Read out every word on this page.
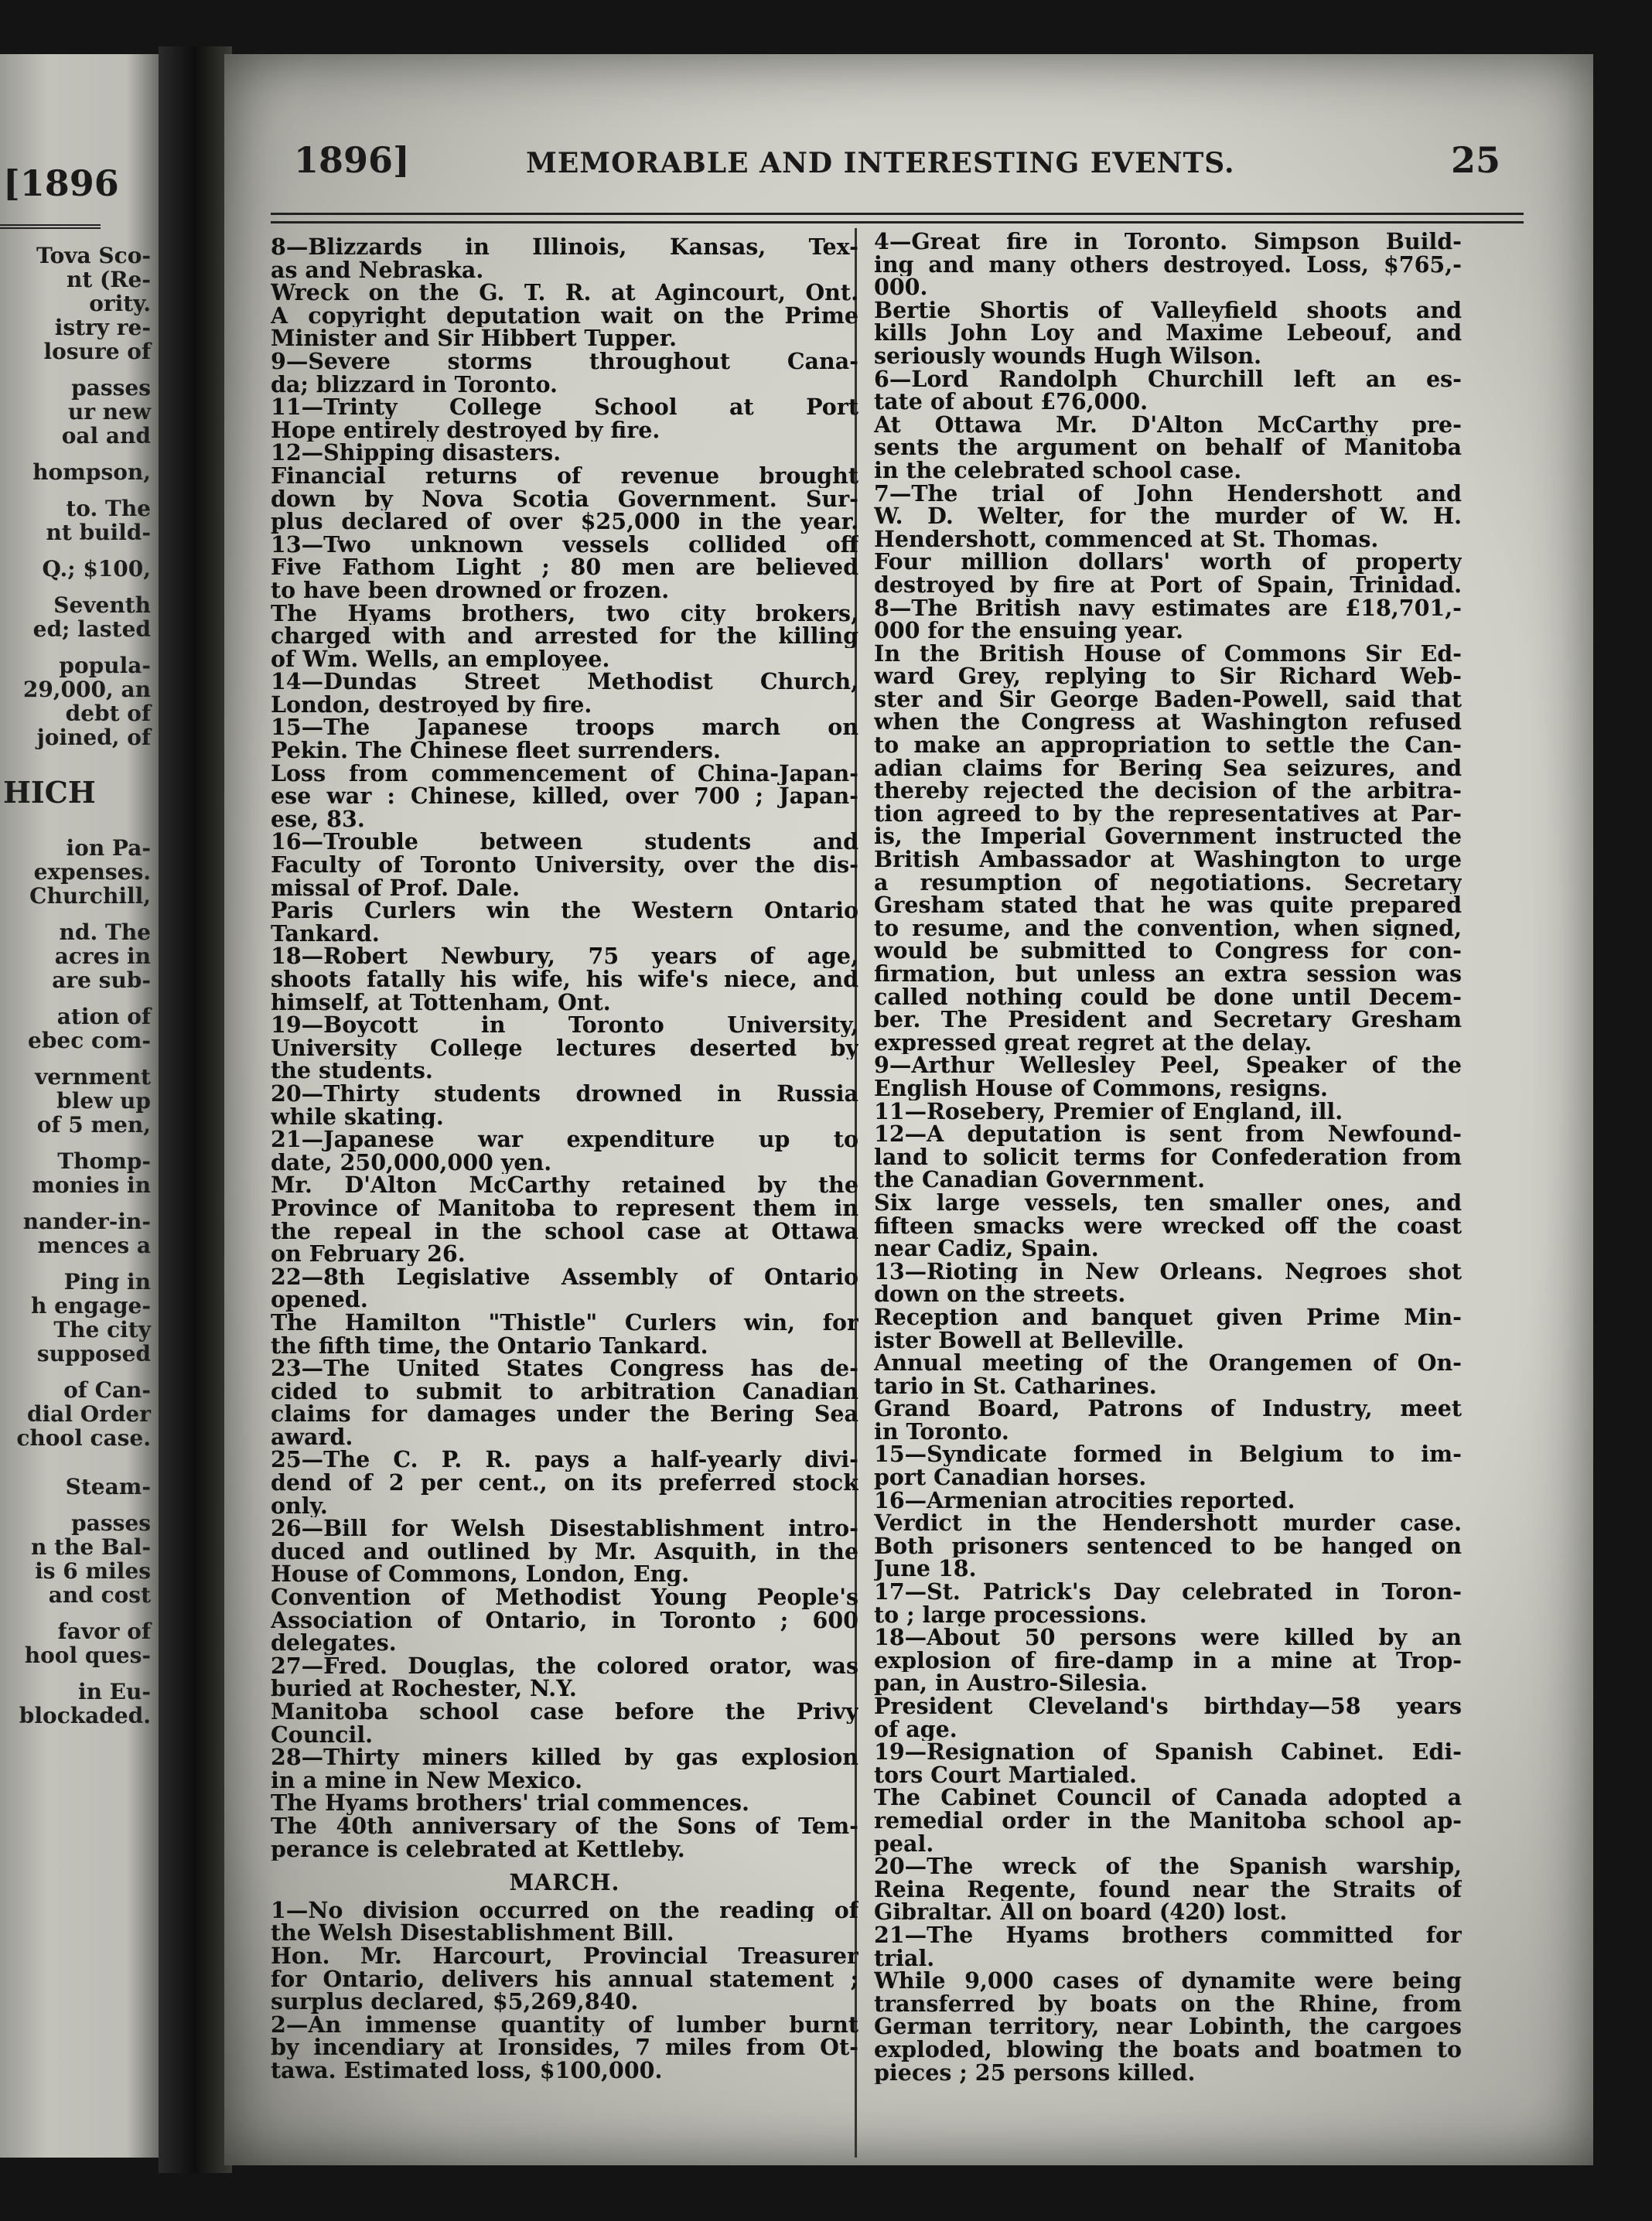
[1896
Tova Sco-
nt (Re-
ority.
istry re-
losure of
passes
ur new
oal and
hompson,
to. The
nt build-
Q.; $100,
Seventh
ed; lasted
popula-
29,000, an
debt of
joined, of
HICH
ion Pa-
expenses.
Churchill,
nd. The
acres in
are sub-
ation of
ebec com-
vernment
blew up
of 5 men,
Thomp-
monies in
nander-in-
mences a
Ping in
h engage-
The city
supposed
of Can-
dial Order
chool case.
Steam-
passes
n the Bal-
is 6 miles
and cost
favor of
hool ques-
in Eu-
blockaded.
1896]	MEMORABLE AND INTERESTING EVENTS.	25
8—Blizzards in Illinois, Kansas, Tex-
as and Nebraska.
Wreck on the G. T. R. at Agincourt, Ont.
A copyright deputation wait on the Prime
Minister and Sir Hibbert Tupper.
9—Severe storms throughout Cana-
da; blizzard in Toronto.
11—Trinty College School at Port
Hope entirely destroyed by fire.
12—Shipping disasters.
Financial returns of revenue brought
down by Nova Scotia Government. Sur-
plus declared of over $25,000 in the year.
13—Two unknown vessels collided off
Five Fathom Light ; 80 men are believed
to have been drowned or frozen.
The Hyams brothers, two city brokers,
charged with and arrested for the killing
of Wm. Wells, an employee.
14—Dundas Street Methodist Church,
London, destroyed by fire.
15—The Japanese troops march on
Pekin. The Chinese fleet surrenders.
Loss from commencement of China-Japan-
ese war : Chinese, killed, over 700 ; Japan-
ese, 83.
16—Trouble between students and
Faculty of Toronto University, over the dis-
missal of Prof. Dale.
Paris Curlers win the Western Ontario
Tankard.
18—Robert Newbury, 75 years of age,
shoots fatally his wife, his wife's niece, and
himself, at Tottenham, Ont.
19—Boycott in Toronto University,
University College lectures deserted by
the students.
20—Thirty students drowned in Russia
while skating.
21—Japanese war expenditure up to
date, 250,000,000 yen.
Mr. D'Alton McCarthy retained by the
Province of Manitoba to represent them in
the repeal in the school case at Ottawa
on February 26.
22—8th Legislative Assembly of Ontario
opened.
The Hamilton "Thistle" Curlers win, for
the fifth time, the Ontario Tankard.
23—The United States Congress has de-
cided to submit to arbitration Canadian
claims for damages under the Bering Sea
award.
25—The C. P. R. pays a half-yearly divi-
dend of 2 per cent., on its preferred stock
only.
26—Bill for Welsh Disestablishment intro-
duced and outlined by Mr. Asquith, in the
House of Commons, London, Eng.
Convention of Methodist Young People's
Association of Ontario, in Toronto ; 600
delegates.
27—Fred. Douglas, the colored orator, was
buried at Rochester, N.Y.
Manitoba school case before the Privy
Council.
28—Thirty miners killed by gas explosion
in a mine in New Mexico.
The Hyams brothers' trial commences.
The 40th anniversary of the Sons of Tem-
perance is celebrated at Kettleby.
MARCH.
1—No division occurred on the reading of
the Welsh Disestablishment Bill.
Hon. Mr. Harcourt, Provincial Treasurer
for Ontario, delivers his annual statement ;
surplus declared, $5,269,840.
2—An immense quantity of lumber burnt
by incendiary at Ironsides, 7 miles from Ot-
tawa. Estimated loss, $100,000.
4—Great fire in Toronto. Simpson Build-
ing and many others destroyed. Loss, $765,-
000.
Bertie Shortis of Valleyfield shoots and
kills John Loy and Maxime Lebeouf, and
seriously wounds Hugh Wilson.
6—Lord Randolph Churchill left an es-
tate of about £76,000.
At Ottawa Mr. D'Alton McCarthy pre-
sents the argument on behalf of Manitoba
in the celebrated school case.
7—The trial of John Hendershott and
W. D. Welter, for the murder of W. H.
Hendershott, commenced at St. Thomas.
Four million dollars' worth of property
destroyed by fire at Port of Spain, Trinidad.
8—The British navy estimates are £18,701,-
000 for the ensuing year.
In the British House of Commons Sir Ed-
ward Grey, replying to Sir Richard Web-
ster and Sir George Baden-Powell, said that
when the Congress at Washington refused
to make an appropriation to settle the Can-
adian claims for Bering Sea seizures, and
thereby rejected the decision of the arbitra-
tion agreed to by the representatives at Par-
is, the Imperial Government instructed the
British Ambassador at Washington to urge
a resumption of negotiations. Secretary
Gresham stated that he was quite prepared
to resume, and the convention, when signed,
would be submitted to Congress for con-
firmation, but unless an extra session was
called nothing could be done until Decem-
ber. The President and Secretary Gresham
expressed great regret at the delay.
9—Arthur Wellesley Peel, Speaker of the
English House of Commons, resigns.
11—Rosebery, Premier of England, ill.
12—A deputation is sent from Newfound-
land to solicit terms for Confederation from
the Canadian Government.
Six large vessels, ten smaller ones, and
fifteen smacks were wrecked off the coast
near Cadiz, Spain.
13—Rioting in New Orleans. Negroes shot
down on the streets.
Reception and banquet given Prime Min-
ister Bowell at Belleville.
Annual meeting of the Orangemen of On-
tario in St. Catharines.
Grand Board, Patrons of Industry, meet
in Toronto.
15—Syndicate formed in Belgium to im-
port Canadian horses.
16—Armenian atrocities reported.
Verdict in the Hendershott murder case.
Both prisoners sentenced to be hanged on
June 18.
17—St. Patrick's Day celebrated in Toron-
to ; large processions.
18—About 50 persons were killed by an
explosion of fire-damp in a mine at Trop-
pan, in Austro-Silesia.
President Cleveland's birthday—58 years
of age.
19—Resignation of Spanish Cabinet. Edi-
tors Court Martialed.
The Cabinet Council of Canada adopted a
remedial order in the Manitoba school ap-
peal.
20—The wreck of the Spanish warship,
Reina Regente, found near the Straits of
Gibraltar. All on board (420) lost.
21—The Hyams brothers committed for
trial.
While 9,000 cases of dynamite were being
transferred by boats on the Rhine, from
German territory, near Lobinth, the cargoes
exploded, blowing the boats and boatmen to
pieces ; 25 persons killed.
